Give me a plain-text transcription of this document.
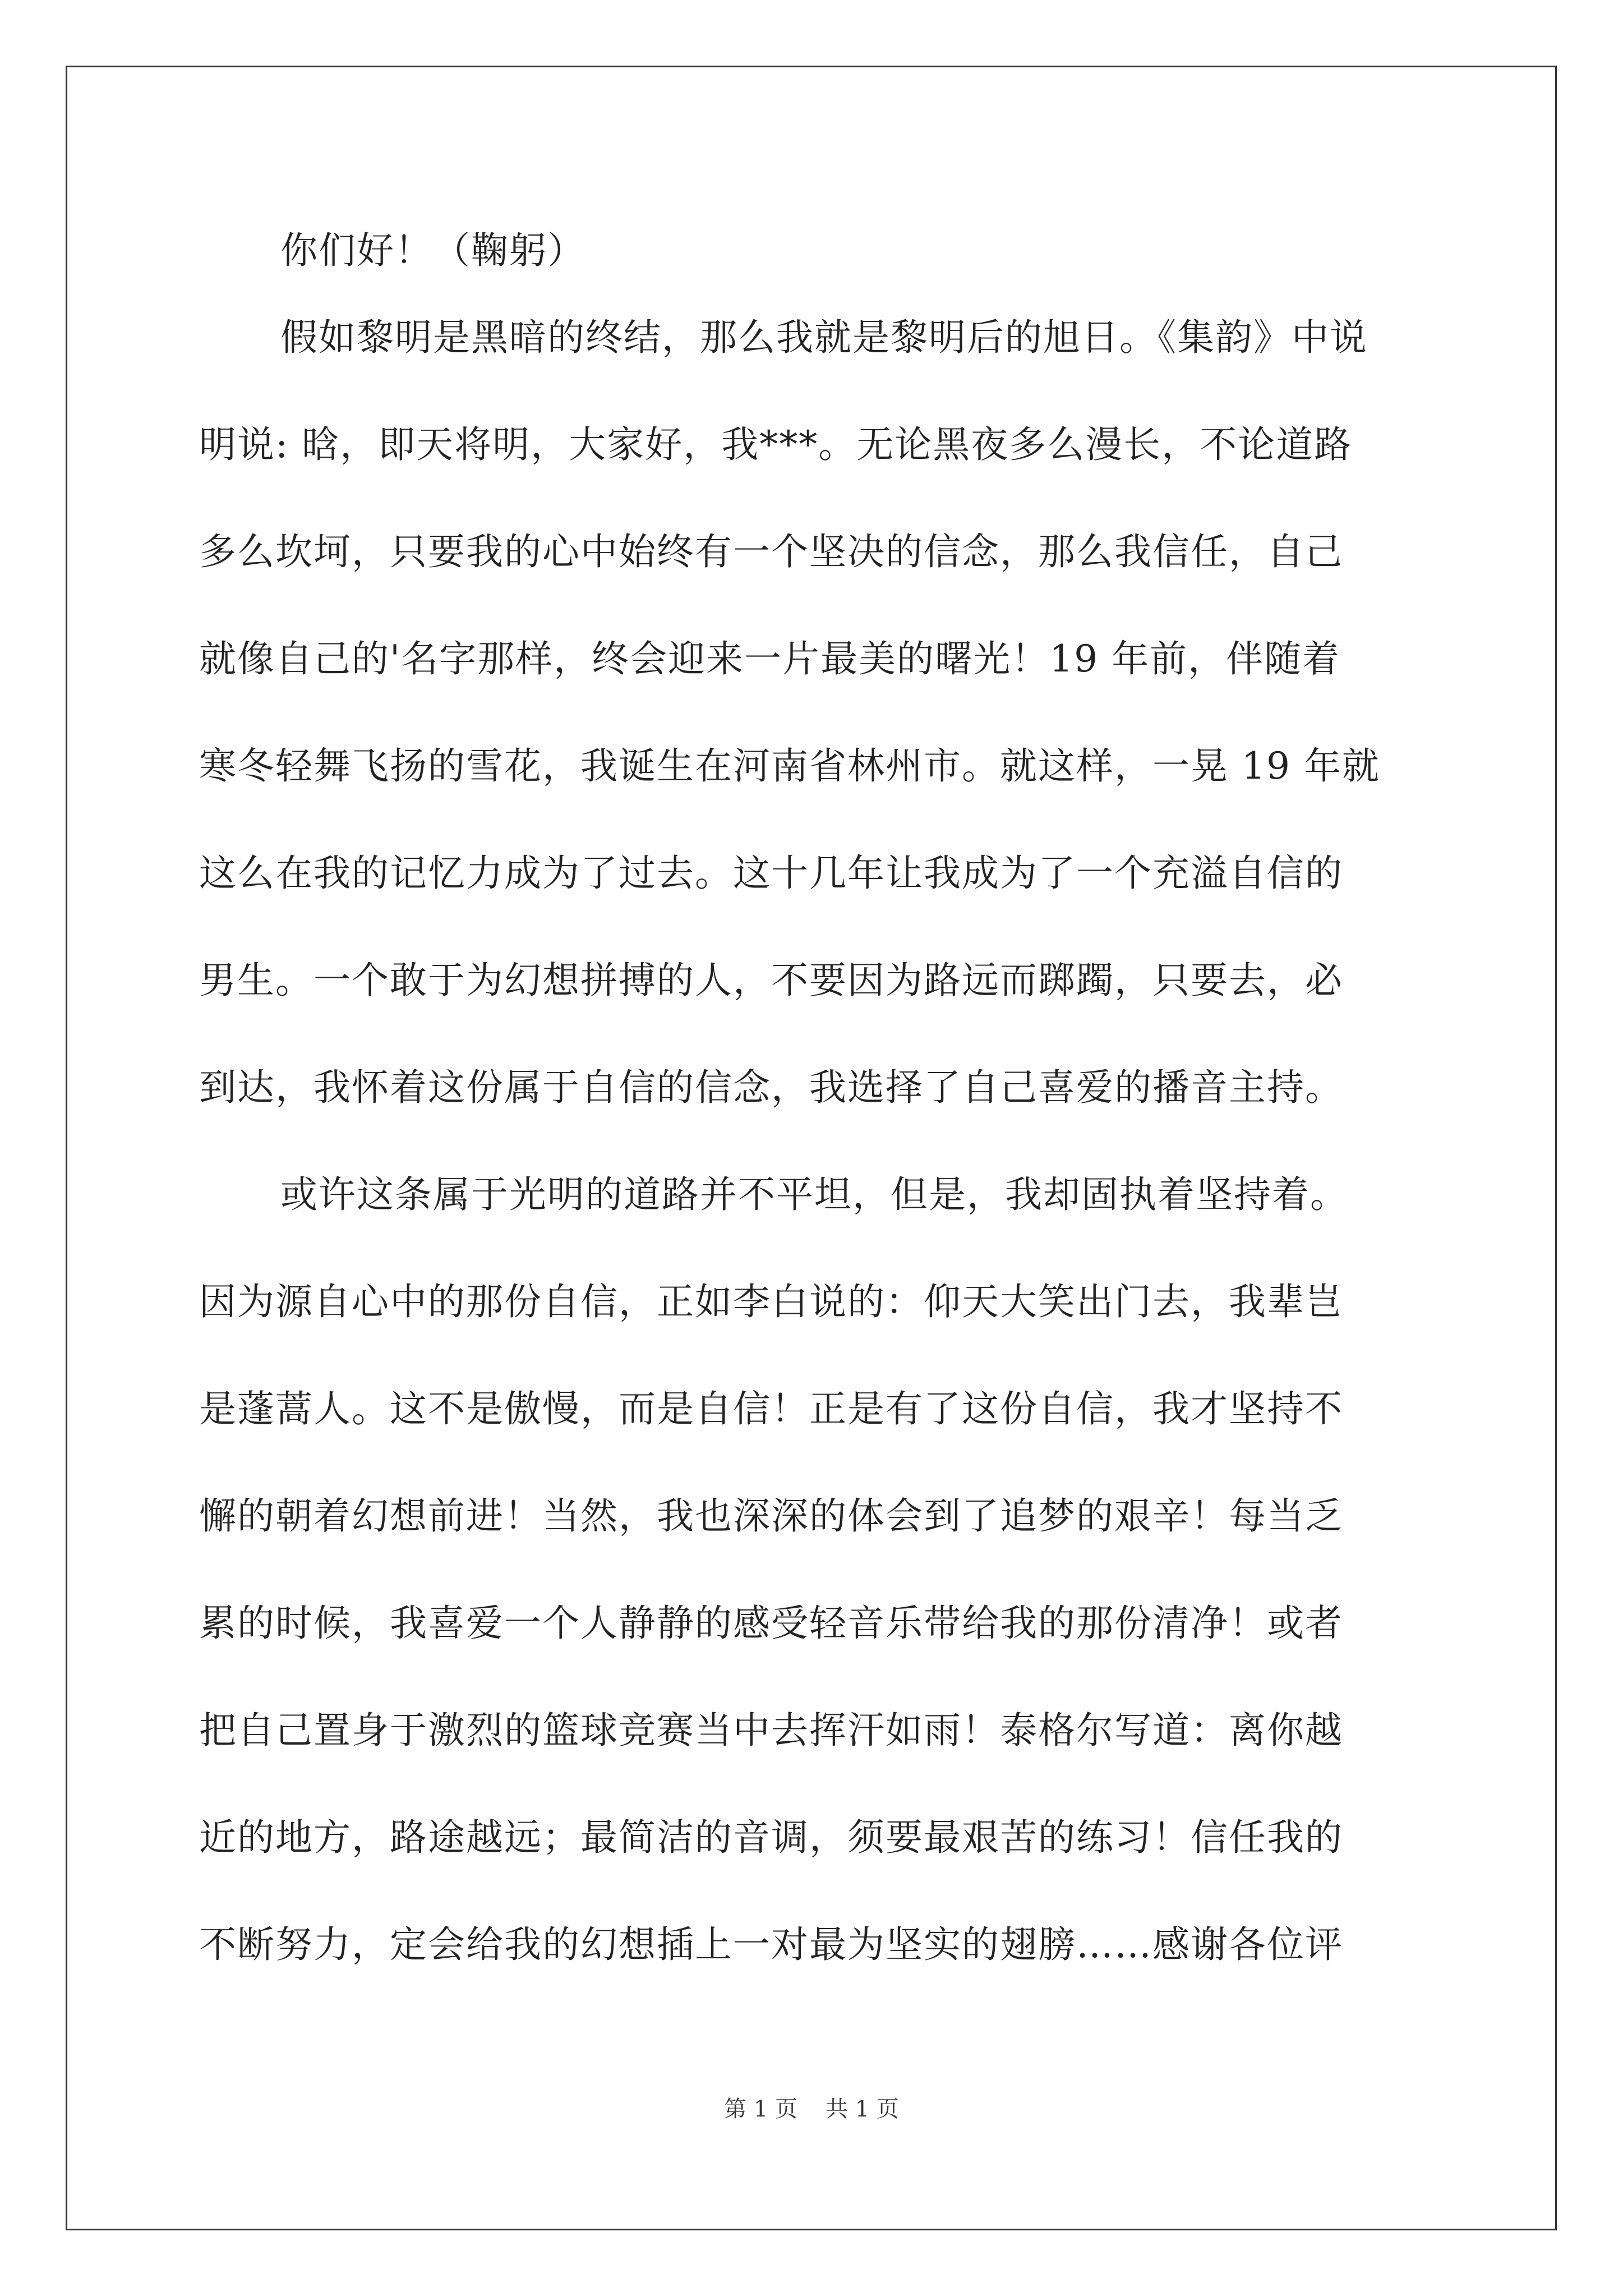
你们好！（鞠躬）
假如黎明是黑暗的终结，那么我就是黎明后的旭日。《集韵》中说
明说: 晗，即天将明，大家好，我***。无论黑夜多么漫长，不论道路
多么坎坷，只要我的心中始终有一个坚决的信念，那么我信任，自己
就像自己的'名字那样，终会迎来一片最美的曙光！19 年前，伴随着
寒冬轻舞飞扬的雪花，我诞生在河南省林州市。就这样，一晃 19 年就
这么在我的记忆力成为了过去。这十几年让我成为了一个充溢自信的
男生。一个敢于为幻想拼搏的人，不要因为路远而踯躅，只要去，必
到达，我怀着这份属于自信的信念，我选择了自己喜爱的播音主持。
或许这条属于光明的道路并不平坦，但是，我却固执着坚持着。
因为源自心中的那份自信，正如李白说的：仰天大笑出门去，我辈岂
是蓬蒿人。这不是傲慢，而是自信！正是有了这份自信，我才坚持不
懈的朝着幻想前进！当然，我也深深的体会到了追梦的艰辛！每当乏
累的时候，我喜爱一个人静静的感受轻音乐带给我的那份清净！或者
把自己置身于激烈的篮球竞赛当中去挥汗如雨！泰格尔写道：离你越
近的地方，路途越远；最简洁的音调，须要最艰苦的练习！信任我的
不断努力，定会给我的幻想插上一对最为坚实的翅膀……感谢各位评
第 1 页 共 1 页
